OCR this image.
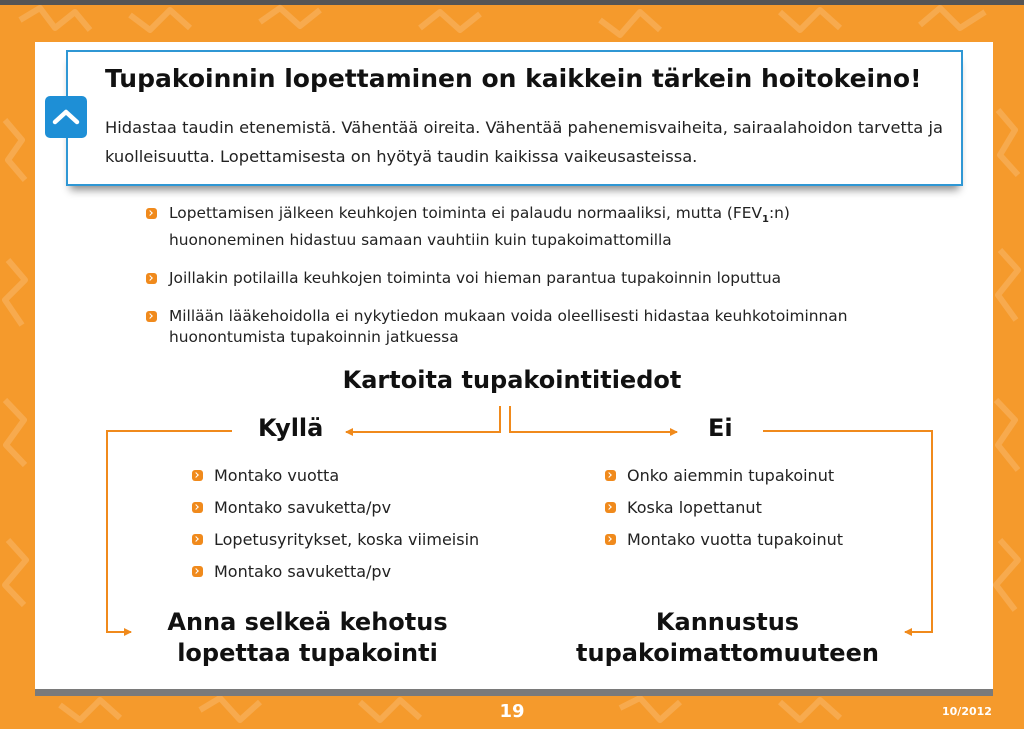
Tupakoinnin lopettaminen on kaikkein tärkein hoitokeino!
Hidastaa taudin etenemistä. Vähentää oireita. Vähentää pahenemisvaiheita, sairaalahoidon tarvetta ja kuolleisuutta. Lopettamisesta on hyötyä taudin kaikissa vaikeusasteissa.
Lopettamisen jälkeen keuhkojen toiminta ei palaudu normaaliksi, mutta $(FEV_1:n)$ huononeminen hidastuu samaan vauhtiin kuin tupakoimattomilla
Joillakin potilailla keuhkojen toiminta voi hieman parantua tupakoinnin loputtua
Millään lääkehoidolla ei nykytiedon mukaan voida oleellisesti hidastaa keuhkotoiminnan huonontumista tupakoinnin jatkuessa
Kartoita tupakointitiedot
Kyllä	Ei
Montako vuotta
Montako savuketta/pv
Lopetusyritykset, koska viimeisin
Montako savuketta/pv
Onko aiemmin tupakoinut
Koska lopettanut
Montako vuotta tupakoinut
Anna selkeä kehotus lopettaa tupakointi
Kannustus tupakoimattomuuteen
19	10/2012
